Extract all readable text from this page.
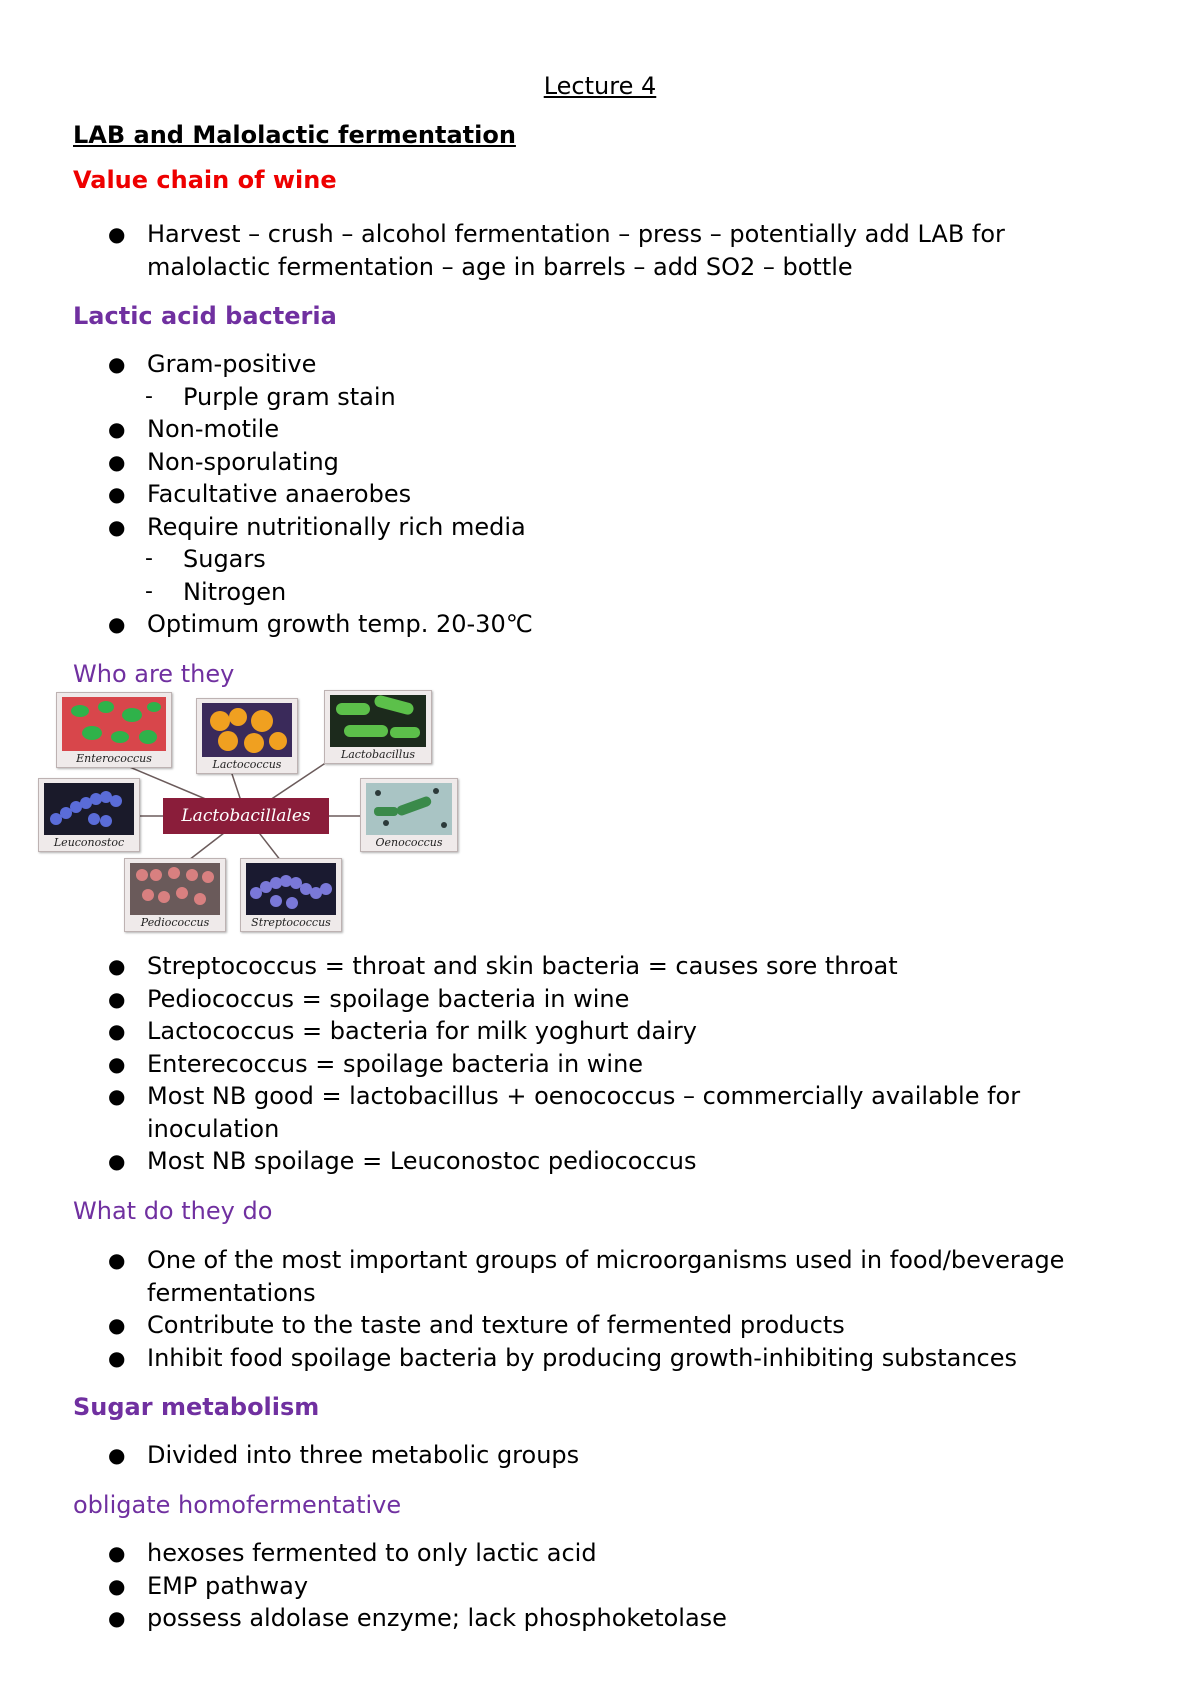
Lecture 4
LAB and Malolactic fermentation
Value chain of wine
● Harvest – crush – alcohol fermentation – press – potentially add LAB for malolactic fermentation – age in barrels – add SO2 – bottle
Lactic acid bacteria
● Gram-positive
- Purple gram stain
● Non-motile
● Non-sporulating
● Facultative anaerobes
● Require nutritionally rich media
- Sugars
- Nitrogen
● Optimum growth temp. 20-30℃
Who are they
Enterococcus	Lactococcus
Lactobacillus
Leuconostoc
Lactobacillales
Oenococcus
Pediococcus	Streptococcus
● Streptococcus = throat and skin bacteria = causes sore throat
● Pediococcus = spoilage bacteria in wine
● Lactococcus = bacteria for milk yoghurt dairy
● Enterecoccus = spoilage bacteria in wine
● Most NB good = lactobacillus + oenococcus – commercially available for inoculation
● Most NB spoilage = Leuconostoc pediococcus
What do they do
● One of the most important groups of microorganisms used in food/beverage fermentations
● Contribute to the taste and texture of fermented products
● Inhibit food spoilage bacteria by producing growth-inhibiting substances
Sugar metabolism
● Divided into three metabolic groups
obligate homofermentative
● hexoses fermented to only lactic acid
● EMP pathway
● possess aldolase enzyme; lack phosphoketolase
